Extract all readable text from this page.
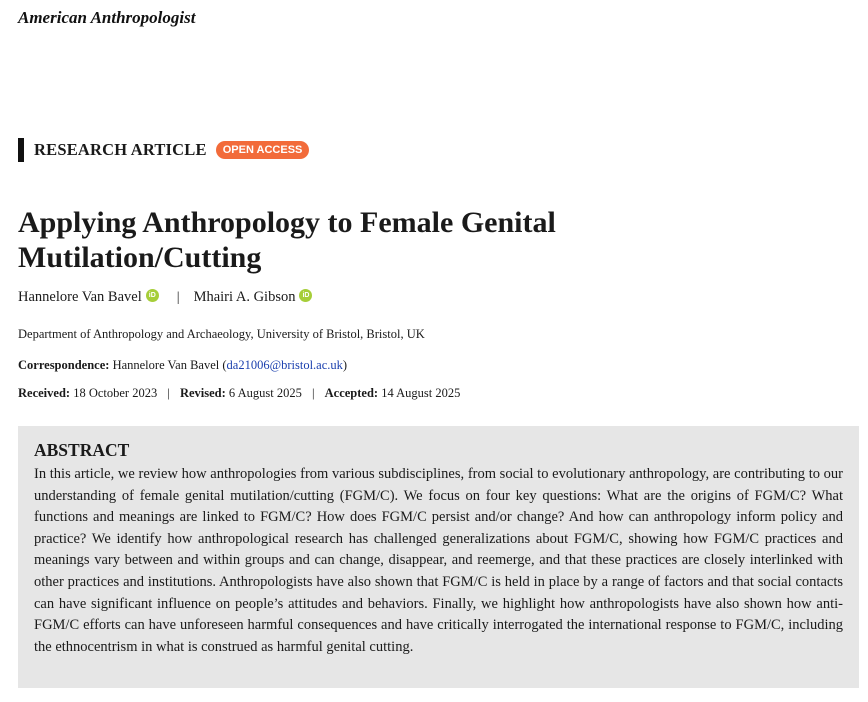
American Anthropologist
RESEARCH ARTICLE	OPEN ACCESS
Applying Anthropology to Female Genital Mutilation/Cutting
Hannelore Van Bavel	iD | Mhairi A. Gibson	iD
Department of Anthropology and Archaeology, University of Bristol, Bristol, UK
Correspondence: Hannelore Van Bavel (da21006@bristol.ac.uk)
Received: 18 October 2023 | Revised: 6 August 2025 | Accepted: 14 August 2025
ABSTRACT

In this article, we review how anthropologies from various subdisciplines, from social to evolutionary anthropology, are contributing to our understanding of female genital mutilation/cutting (FGM/C). We focus on four key questions: What are the origins of FGM/C? What functions and meanings are linked to FGM/C? How does FGM/C persist and/or change? And how can anthropology inform policy and practice? We identify how anthropological research has challenged generalizations about FGM/C, showing how FGM/C practices and meanings vary between and within groups and can change, disappear, and reemerge, and that these practices are closely interlinked with other practices and institutions. Anthropologists have also shown that FGM/C is held in place by a range of factors and that social contacts can have significant influence on people’s attitudes and behaviors. Finally, we highlight how anthropologists have also shown how anti-FGM/C efforts can have unforeseen harmful consequences and have critically interrogated the international response to FGM/C, including the ethnocentrism in what is construed as harmful genital cutting.
